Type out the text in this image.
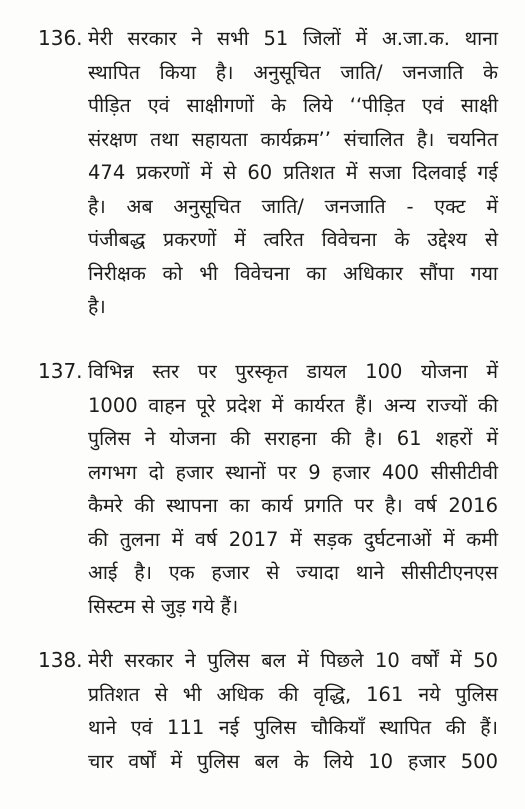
136. मेरी सरकार ने सभी 51 जिलों में अ.जा.क. थाना
स्थापित किया है। अनुसूचित जाति/ जनजाति के
पीड़ित एवं साक्षीगणों के लिये ‘‘पीड़ित एवं साक्षी
संरक्षण तथा सहायता कार्यक्रम’’ संचालित है। चयनित
474 प्रकरणों में से 60 प्रतिशत में सजा दिलवाई गई
है। अब अनुसूचित जाति/ जनजाति - एक्ट में
पंजीबद्ध प्रकरणों में त्वरित विवेचना के उद्देश्य से
निरीक्षक को भी विवेचना का अधिकार सौंपा गया
है।
137. विभिन्न स्तर पर पुरस्कृत डायल 100 योजना में
1000 वाहन पूरे प्रदेश में कार्यरत हैं। अन्य राज्यों की
पुलिस ने योजना की सराहना की है। 61 शहरों में
लगभग दो हजार स्थानों पर 9 हजार 400 सीसीटीवी
कैमरे की स्थापना का कार्य प्रगति पर है। वर्ष 2016
की तुलना में वर्ष 2017 में सड़क दुर्घटनाओं में कमी
आई है। एक हजार से ज्यादा थाने सीसीटीएनएस
सिस्टम से जुड़ गये हैं।
138. मेरी सरकार ने पुलिस बल में पिछले 10 वर्षों में 50
प्रतिशत से भी अधिक की वृद्धि, 161 नये पुलिस
थाने एवं 111 नई पुलिस चौकियाँ स्थापित की हैं।
चार वर्षों में पुलिस बल के लिये 10 हजार 500
